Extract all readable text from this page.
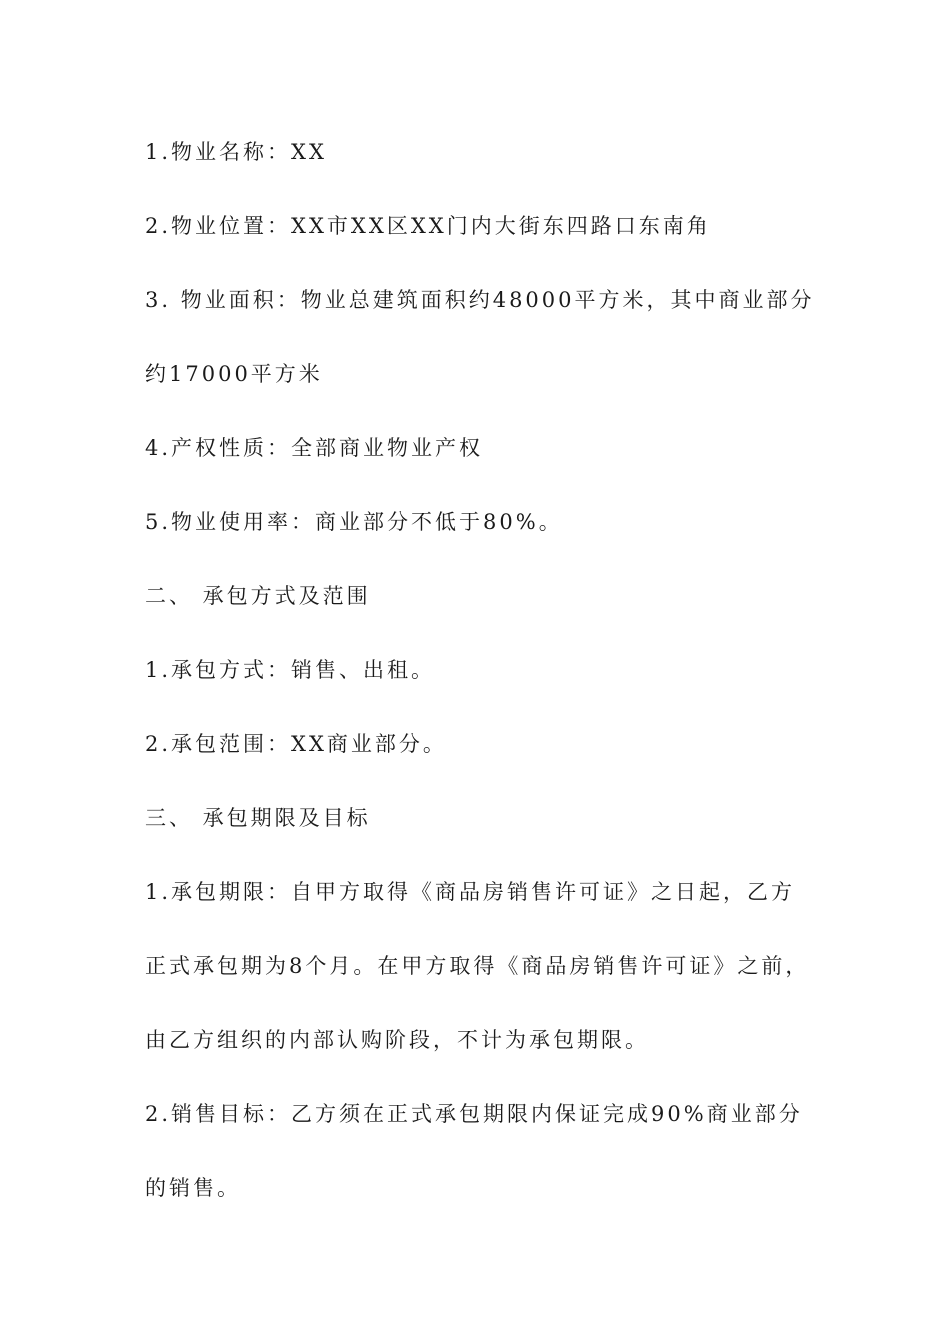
1.物业名称：XX

2.物业位置：XX市XX区XX门内大街东四路口东南角

3. 物业面积：物业总建筑面积约48000平方米，其中商业部分

约17000平方米

4.产权性质：全部商业物业产权

5.物业使用率：商业部分不低于80%。

二、 承包方式及范围

1.承包方式：销售、出租。

2.承包范围：XX商业部分。

三、 承包期限及目标

1.承包期限：自甲方取得《商品房销售许可证》之日起，乙方

正式承包期为8个月。在甲方取得《商品房销售许可证》之前，

由乙方组织的内部认购阶段，不计为承包期限。

2.销售目标：乙方须在正式承包期限内保证完成90%商业部分

的销售。
